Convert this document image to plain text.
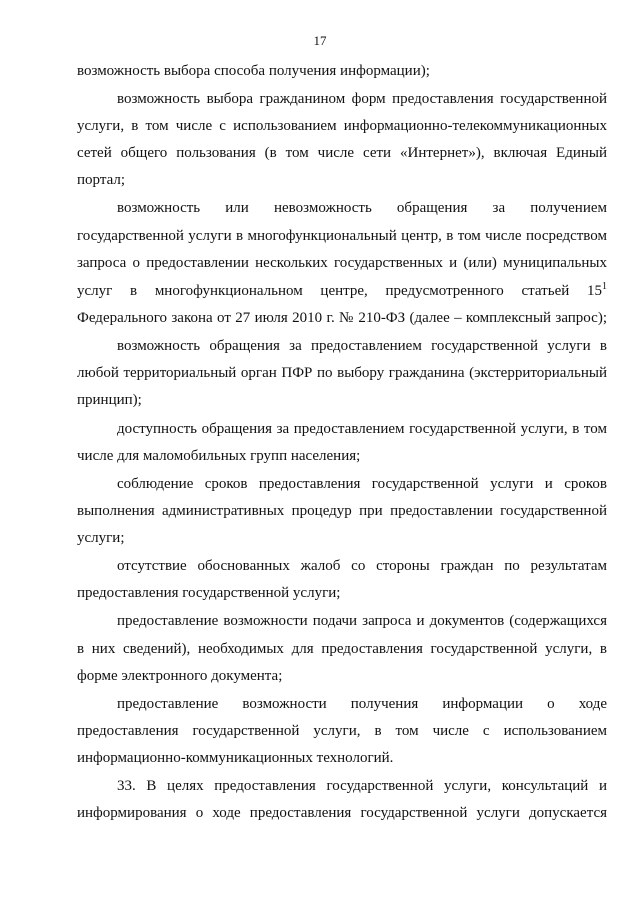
17
возможность выбора способа получения информации);
возможность выбора гражданином форм предоставления государственной
услуги, в том числе с использованием информационно-телекоммуникационных
сетей общего пользования (в том числе сети «Интернет»), включая Единый
портал;
возможность или невозможность обращения за получением
государственной услуги в многофункциональный центр, в том числе посредством
запроса о предоставлении нескольких государственных и (или) муниципальных
услуг в многофункциональном центре, предусмотренного статьей $15^1$
Федерального закона от 27 июля 2010 г. № 210-ФЗ (далее – комплексный запрос);
возможность обращения за предоставлением государственной услуги в
любой территориальный орган ПФР по выбору гражданина (экстерриториальный
принцип);
доступность обращения за предоставлением государственной услуги, в том
числе для маломобильных групп населения;
соблюдение сроков предоставления государственной услуги и сроков
выполнения административных процедур при предоставлении государственной
услуги;
отсутствие обоснованных жалоб со стороны граждан по результатам
предоставления государственной услуги;
предоставление возможности подачи запроса и документов (содержащихся
в них сведений), необходимых для предоставления государственной услуги, в
форме электронного документа;
предоставление возможности получения информации о ходе
предоставления государственной услуги, в том числе с использованием
информационно-коммуникационных технологий.
33. В целях предоставления государственной услуги, консультаций и
информирования о ходе предоставления государственной услуги допускается
